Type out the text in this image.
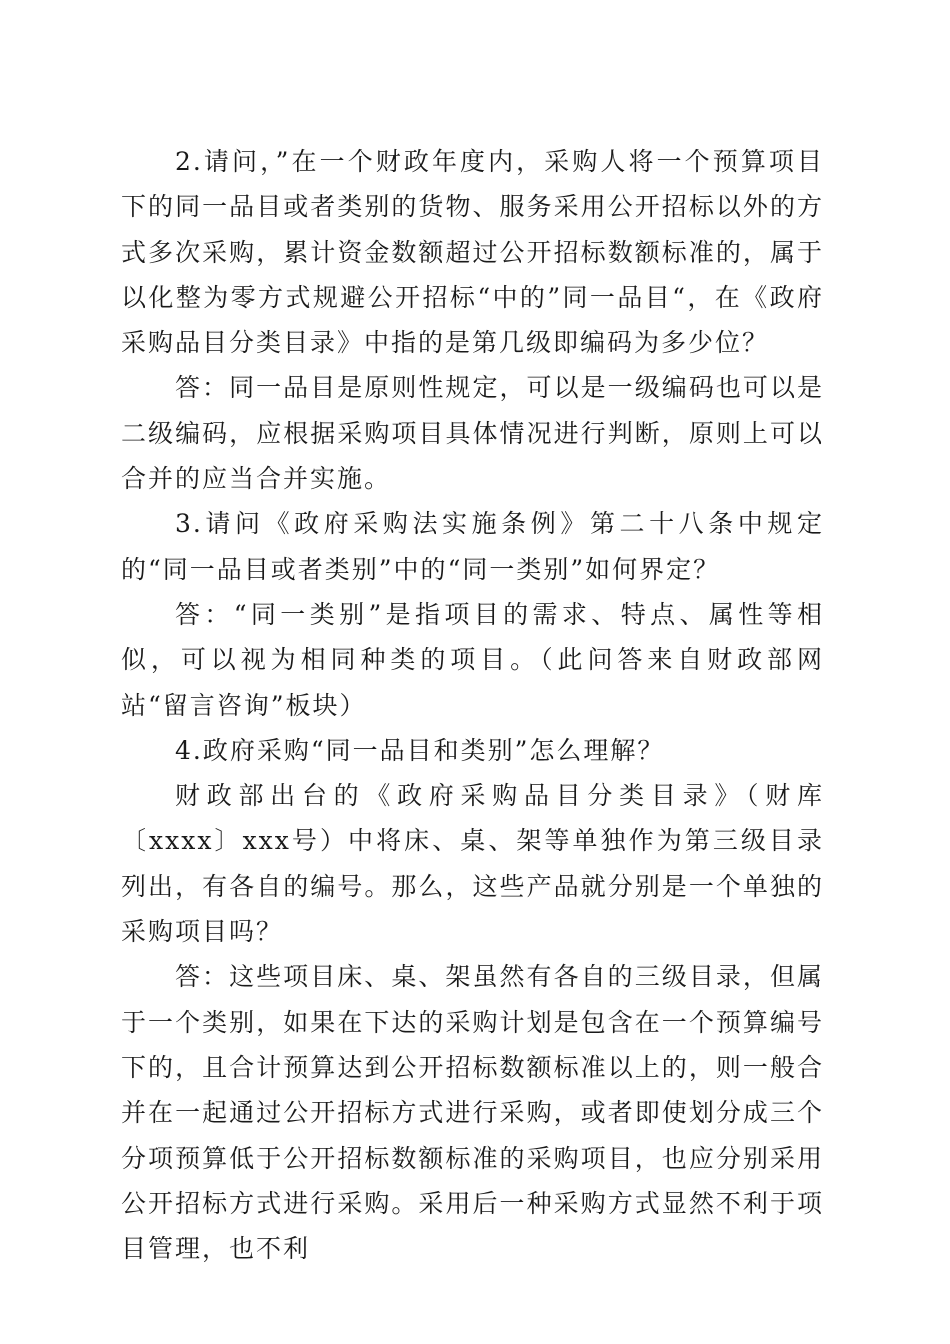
2.请问，”在一个财政年度内，采购人将一个预算项目下的同一品目或者类别的货物、服务采用公开招标以外的方式多次采购，累计资金数额超过公开招标数额标准的，属于以化整为零方式规避公开招标“中的”同一品目“，在《政府采购品目分类目录》中指的是第几级即编码为多少位？

答：同一品目是原则性规定，可以是一级编码也可以是二级编码，应根据采购项目具体情况进行判断，原则上可以合并的应当合并实施。

3.请问《政府采购法实施条例》第二十八条中规定的“同一品目或者类别”中的“同一类别”如何界定？

答：“同一类别”是指项目的需求、特点、属性等相似，可以视为相同种类的项目。（此问答来自财政部网站“留言咨询”板块）

4.政府采购“同一品目和类别”怎么理解？

财政部出台的《政府采购品目分类目录》（财库〔xxxx〕xxx号）中将床、桌、架等单独作为第三级目录列出，有各自的编号。那么，这些产品就分别是一个单独的采购项目吗？

答：这些项目床、桌、架虽然有各自的三级目录，但属于一个类别，如果在下达的采购计划是包含在一个预算编号下的，且合计预算达到公开招标数额标准以上的，则一般合并在一起通过公开招标方式进行采购，或者即使划分成三个分项预算低于公开招标数额标准的采购项目，也应分别采用公开招标方式进行采购。采用后一种采购方式显然不利于项目管理，也不利
